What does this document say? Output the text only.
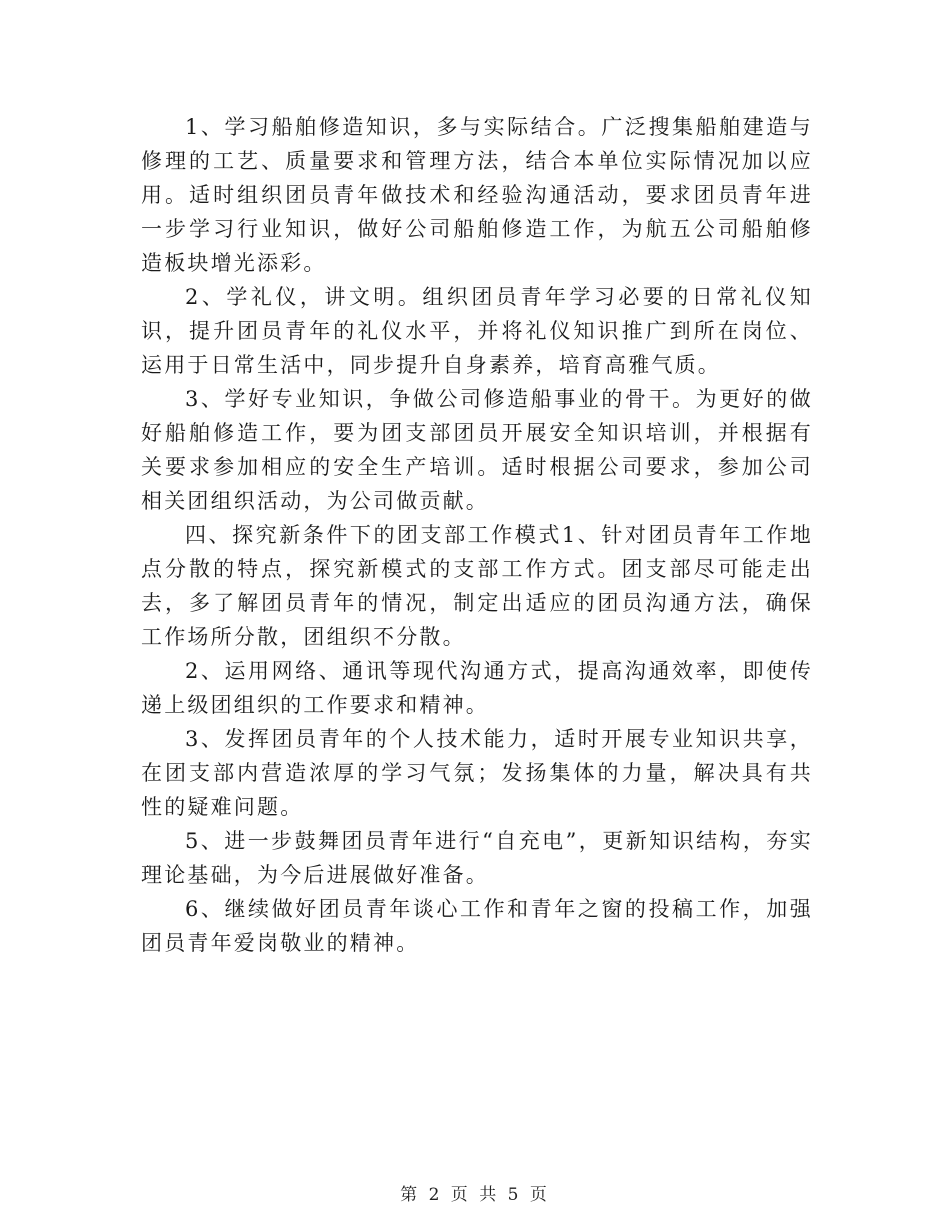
1、学习船舶修造知识，多与实际结合。广泛搜集船舶建造与修理的工艺、质量要求和管理方法，结合本单位实际情况加以应用。适时组织团员青年做技术和经验沟通活动，要求团员青年进一步学习行业知识，做好公司船舶修造工作，为航五公司船舶修造板块增光添彩。

2、学礼仪，讲文明。组织团员青年学习必要的日常礼仪知识，提升团员青年的礼仪水平，并将礼仪知识推广到所在岗位、运用于日常生活中，同步提升自身素养，培育高雅气质。

3、学好专业知识，争做公司修造船事业的骨干。为更好的做好船舶修造工作，要为团支部团员开展安全知识培训，并根据有关要求参加相应的安全生产培训。适时根据公司要求，参加公司相关团组织活动，为公司做贡献。

四、探究新条件下的团支部工作模式1、针对团员青年工作地点分散的特点，探究新模式的支部工作方式。团支部尽可能走出去，多了解团员青年的情况，制定出适应的团员沟通方法，确保工作场所分散，团组织不分散。

2、运用网络、通讯等现代沟通方式，提高沟通效率，即使传递上级团组织的工作要求和精神。

3、发挥团员青年的个人技术能力，适时开展专业知识共享，在团支部内营造浓厚的学习气氛；发扬集体的力量，解决具有共性的疑难问题。

5、进一步鼓舞团员青年进行“自充电”，更新知识结构，夯实理论基础，为今后进展做好准备。

6、继续做好团员青年谈心工作和青年之窗的投稿工作，加强团员青年爱岗敬业的精神。

第 2 页 共 5 页
